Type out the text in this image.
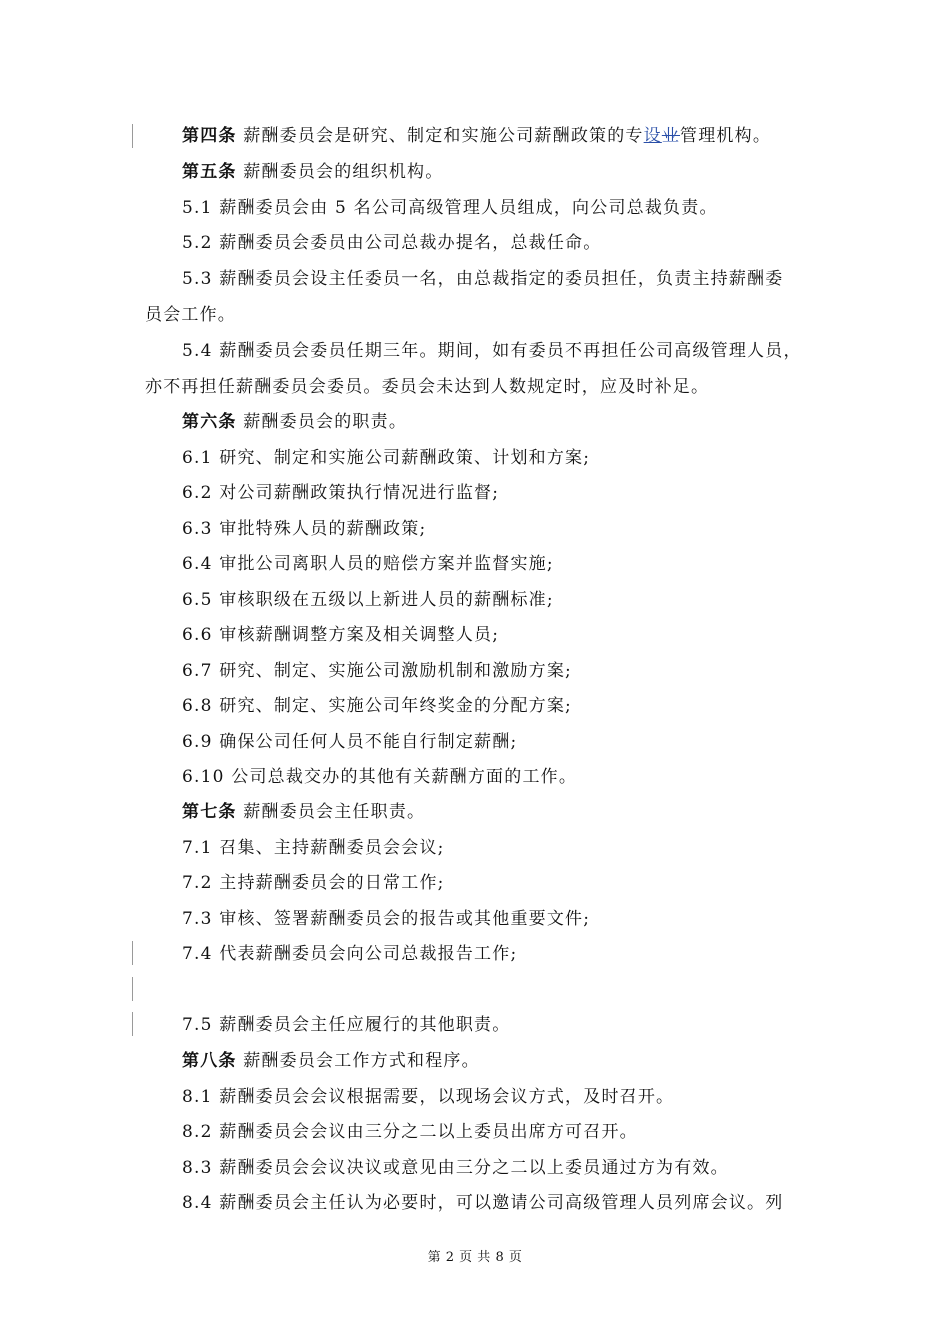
第四条 薪酬委员会是研究、制定和实施公司薪酬政策的专设业管理机构。
第五条 薪酬委员会的组织机构。
5.1 薪酬委员会由 5 名公司高级管理人员组成，向公司总裁负责。
5.2 薪酬委员会委员由公司总裁办提名，总裁任命。
5.3 薪酬委员会设主任委员一名，由总裁指定的委员担任，负责主持薪酬委
员会工作。
5.4 薪酬委员会委员任期三年。期间，如有委员不再担任公司高级管理人员，
亦不再担任薪酬委员会委员。委员会未达到人数规定时，应及时补足。
第六条 薪酬委员会的职责。
6.1 研究、制定和实施公司薪酬政策、计划和方案;
6.2 对公司薪酬政策执行情况进行监督;
6.3 审批特殊人员的薪酬政策;
6.4 审批公司离职人员的赔偿方案并监督实施;
6.5 审核职级在五级以上新进人员的薪酬标准;
6.6 审核薪酬调整方案及相关调整人员;
6.7 研究、制定、实施公司激励机制和激励方案;
6.8 研究、制定、实施公司年终奖金的分配方案;
6.9 确保公司任何人员不能自行制定薪酬;
6.10 公司总裁交办的其他有关薪酬方面的工作。
第七条 薪酬委员会主任职责。
7.1 召集、主持薪酬委员会会议;
7.2 主持薪酬委员会的日常工作;
7.3 审核、签署薪酬委员会的报告或其他重要文件;
7.4 代表薪酬委员会向公司总裁报告工作;
7.5 薪酬委员会主任应履行的其他职责。
第八条 薪酬委员会工作方式和程序。
8.1 薪酬委员会会议根据需要，以现场会议方式，及时召开。
8.2 薪酬委员会会议由三分之二以上委员出席方可召开。
8.3 薪酬委员会会议决议或意见由三分之二以上委员通过方为有效。
8.4 薪酬委员会主任认为必要时，可以邀请公司高级管理人员列席会议。列
第 2 页 共 8 页
